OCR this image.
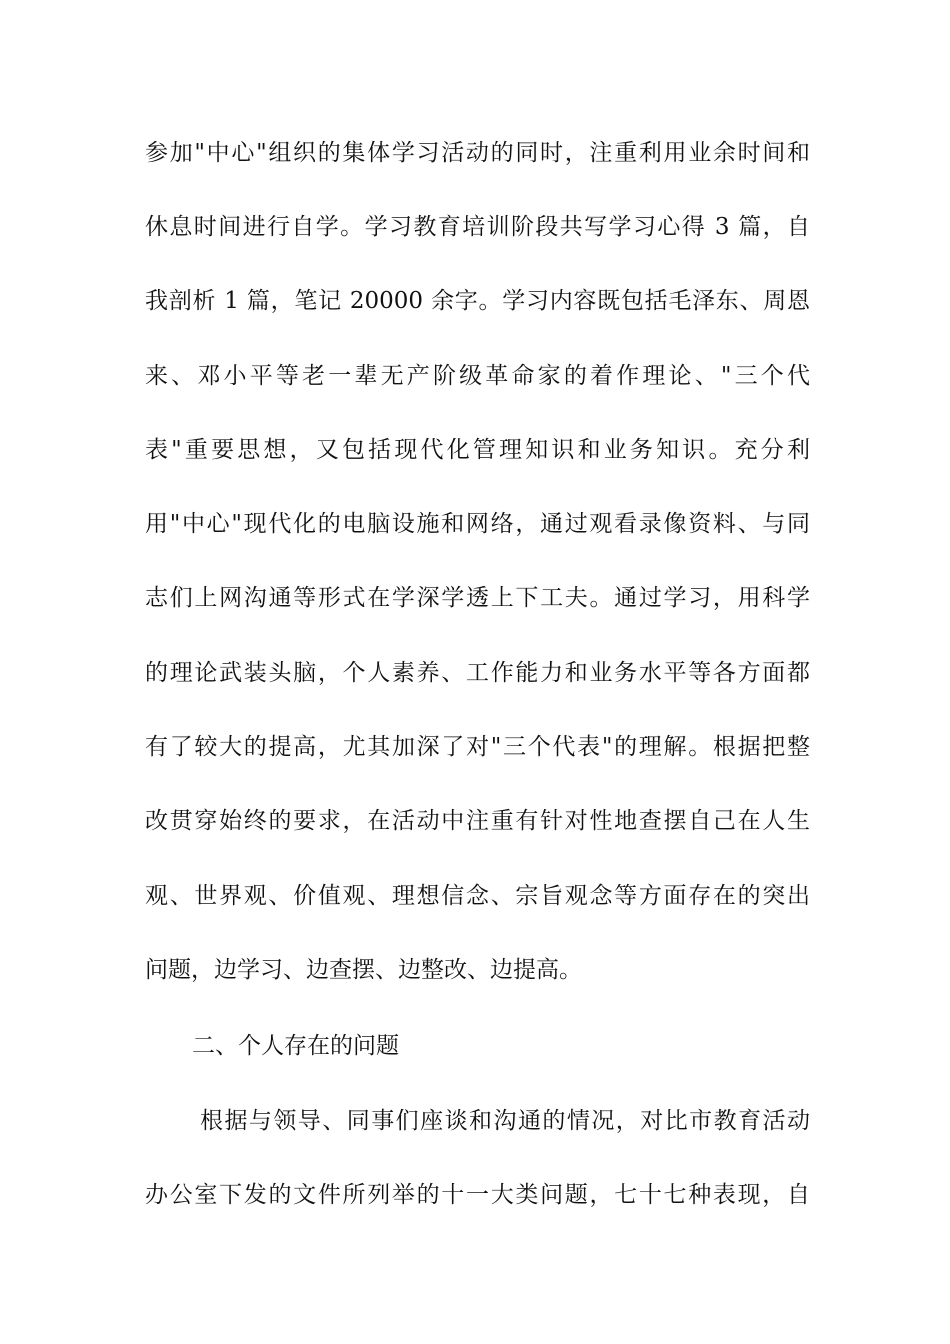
参加"中心"组织的集体学习活动的同时，注重利用业余时间和

休息时间进行自学。学习教育培训阶段共写学习心得 3 篇，自

我剖析 1 篇，笔记 20000 余字。学习内容既包括毛泽东、周恩

来、邓小平等老一辈无产阶级革命家的着作理论、"三个代

表"重要思想，又包括现代化管理知识和业务知识。充分利

用"中心"现代化的电脑设施和网络，通过观看录像资料、与同

志们上网沟通等形式在学深学透上下工夫。通过学习，用科学

的理论武装头脑，个人素养、工作能力和业务水平等各方面都

有了较大的提高，尤其加深了对"三个代表"的理解。根据把整

改贯穿始终的要求，在活动中注重有针对性地查摆自己在人生

观、世界观、价值观、理想信念、宗旨观念等方面存在的突出

问题，边学习、边查摆、边整改、边提高。

二、个人存在的问题

根据与领导、同事们座谈和沟通的情况，对比市教育活动

办公室下发的文件所列举的十一大类问题，七十七种表现，自
